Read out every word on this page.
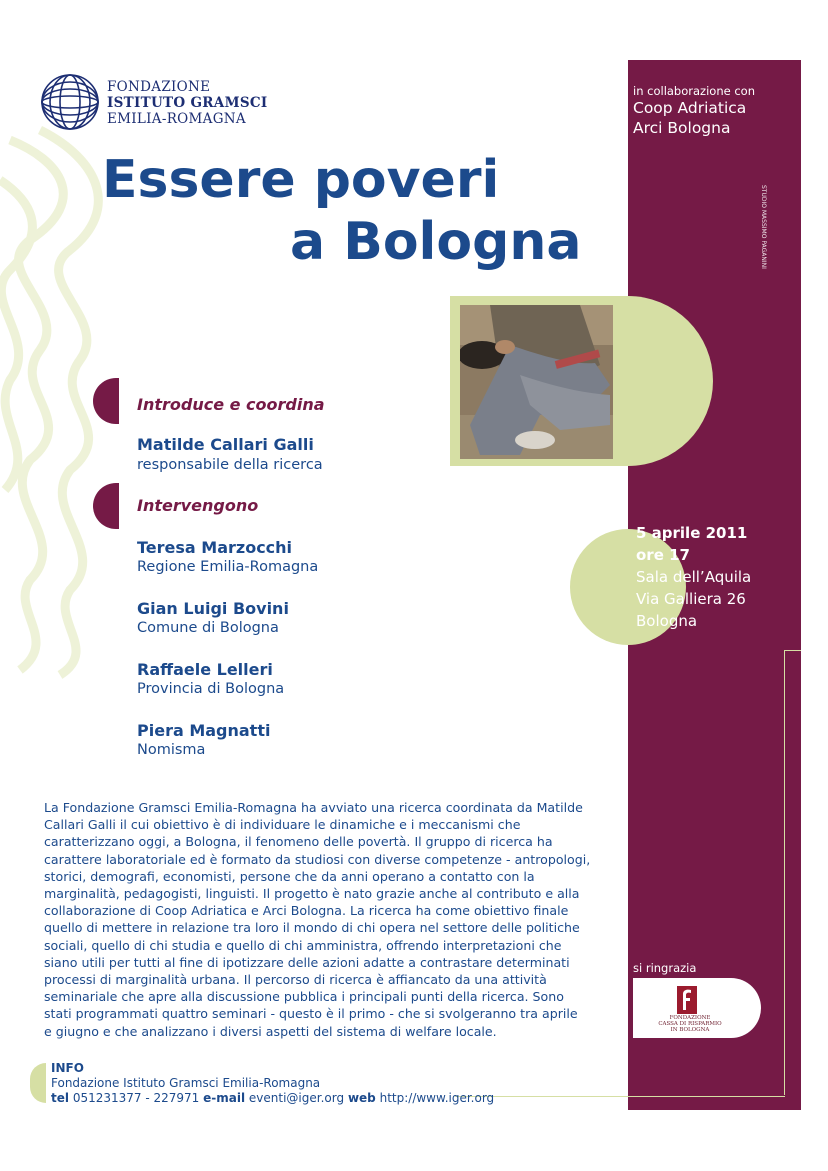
FONDAZIONE
ISTITUTO GRAMSCI
EMILIA-ROMAGNA
Essere poveri
a Bologna
in collaborazione con
Coop Adriatica
Arci Bologna
STUDIO MASSIMO PAGANINI
Introduce e coordina
Matilde Callari Galli
responsabile della ricerca
Intervengono
Teresa Marzocchi
Regione Emilia-Romagna
Gian Luigi Bovini
Comune di Bologna
Raffaele Lelleri
Provincia di Bologna
Piera Magnatti
Nomisma
5 aprile 2011
ore 17
Sala dell’Aquila
Via Galliera 26
Bologna
La Fondazione Gramsci Emilia-Romagna ha avviato una ricerca coordinata da Matilde
Callari Galli il cui obiettivo è di individuare le dinamiche e i meccanismi che
caratterizzano oggi, a Bologna, il fenomeno delle povertà. Il gruppo di ricerca ha
carattere laboratoriale ed è formato da studiosi con diverse competenze - antropologi,
storici, demografi, economisti, persone che da anni operano a contatto con la
marginalità, pedagogisti, linguisti. Il progetto è nato grazie anche al contributo e alla
collaborazione di Coop Adriatica e Arci Bologna. La ricerca ha come obiettivo finale
quello di mettere in relazione tra loro il mondo di chi opera nel settore delle politiche
sociali, quello di chi studia e quello di chi amministra, offrendo interpretazioni che
siano utili per tutti al fine di ipotizzare delle azioni adatte a contrastare determinati
processi di marginalità urbana. Il percorso di ricerca è affiancato da una attività
seminariale che apre alla discussione pubblica i principali punti della ricerca. Sono
stati programmati quattro seminari - questo è il primo - che si svolgeranno tra aprile
e giugno e che analizzano i diversi aspetti del sistema di welfare locale.
si ringrazia
FONDAZIONE
CASSA DI RISPARMIO
IN BOLOGNA
INFO
Fondazione Istituto Gramsci Emilia-Romagna
tel 051231377 - 227971 e-mail eventi@iger.org web http://www.iger.org
